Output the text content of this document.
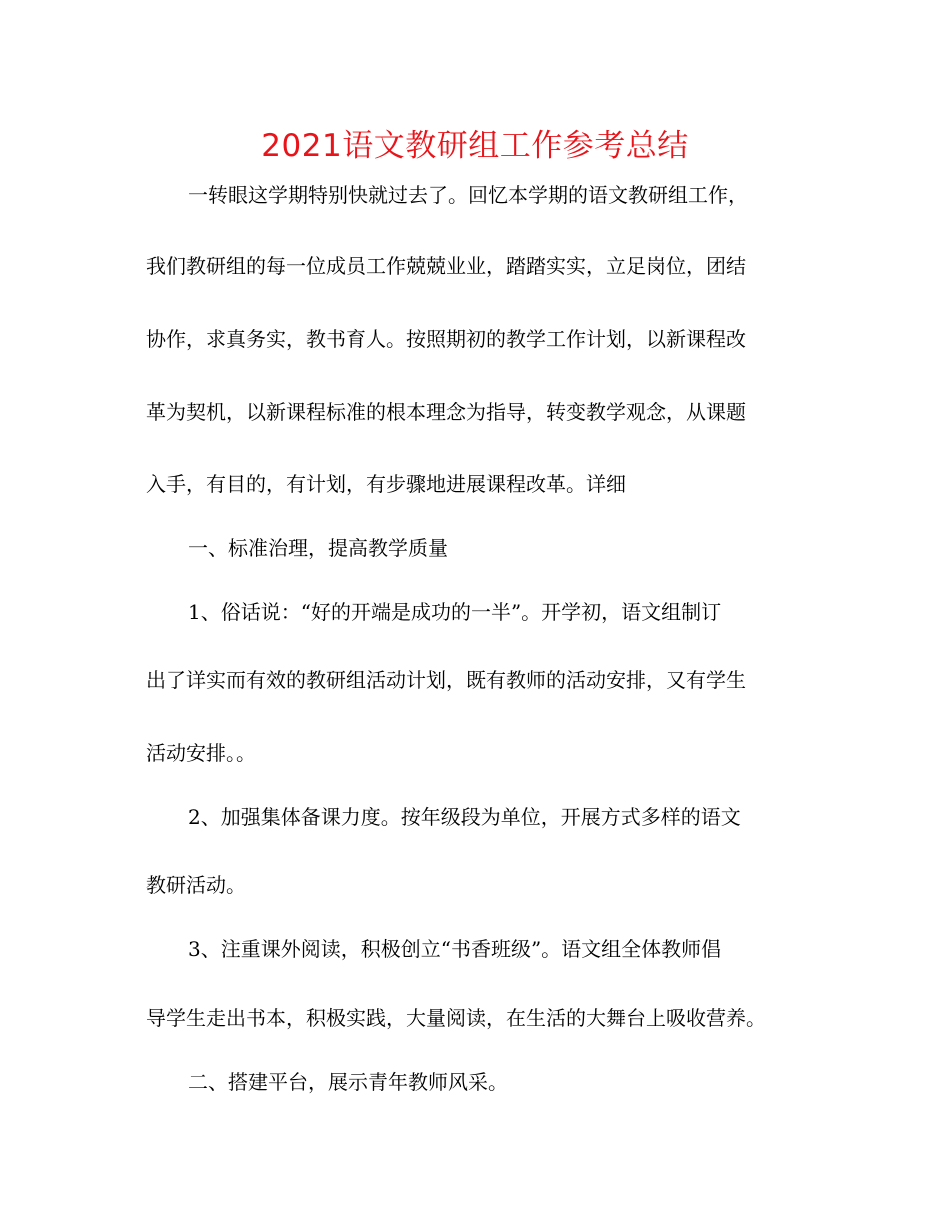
2021语文教研组工作参考总结

一转眼这学期特别快就过去了。回忆本学期的语文教研组工作，

我们教研组的每一位成员工作兢兢业业，踏踏实实，立足岗位，团结

协作，求真务实，教书育人。按照期初的教学工作计划，以新课程改

革为契机，以新课程标准的根本理念为指导，转变教学观念，从课题

入手，有目的，有计划，有步骤地进展课程改革。详细

一、标准治理，提高教学质量

1、俗话说：“好的开端是成功的一半”。开学初，语文组制订

出了详实而有效的教研组活动计划，既有教师的活动安排，又有学生

活动安排。。

2、加强集体备课力度。按年级段为单位，开展方式多样的语文

教研活动。

3、注重课外阅读，积极创立“书香班级”。语文组全体教师倡

导学生走出书本，积极实践，大量阅读，在生活的大舞台上吸收营养。

二、搭建平台，展示青年教师风采。
